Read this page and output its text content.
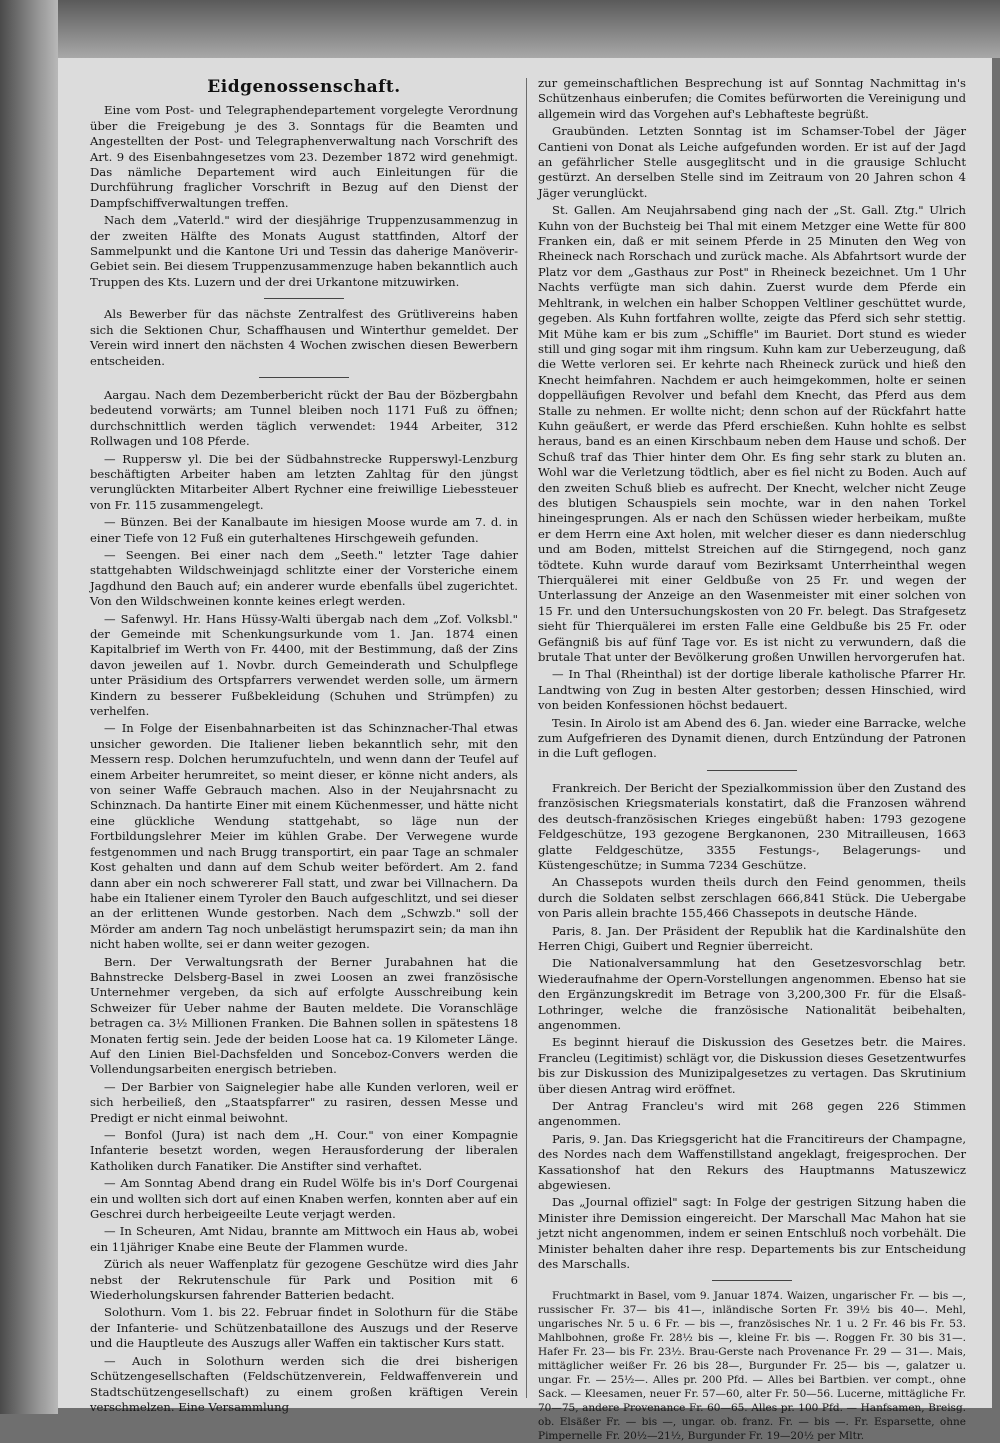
Eidgenossenschaft.

Eine vom Post- und Telegraphendepartement vorgelegte Verordnung über die Freigebung je des 3. Sonntags für die Beamten und Angestellten der Post- und Telegraphenverwaltung nach Vorschrift des Art. 9 des Eisenbahngesetzes vom 23. Dezember 1872 wird genehmigt. Das nämliche Departement wird auch Einleitungen für die Durchführung fraglicher Vorschrift in Bezug auf den Dienst der Dampfschiffverwaltungen treffen.

Nach dem „Vaterld." wird der diesjährige Truppenzusammenzug in der zweiten Hälfte des Monats August stattfinden, Altorf der Sammelpunkt und die Kantone Uri und Tessin das daherige Manöverir-Gebiet sein. Bei diesem Truppenzusammenzuge haben bekanntlich auch Truppen des Kts. Luzern und der drei Urkantone mitzuwirken.

Als Bewerber für das nächste Zentralfest des Grütlivereins haben sich die Sektionen Chur, Schaffhausen und Winterthur gemeldet. Der Verein wird innert den nächsten 4 Wochen zwischen diesen Bewerbern entscheiden.

Aargau. Nach dem Dezemberbericht rückt der Bau der Bözbergbahn bedeutend vorwärts; am Tunnel bleiben noch 1171 Fuß zu öffnen; durchschnittlich werden täglich verwendet: 1944 Arbeiter, 312 Rollwagen und 108 Pferde.

— Ruppersw yl. Die bei der Südbahnstrecke Rupperswyl-Lenzburg beschäftigten Arbeiter haben am letzten Zahltag für den jüngst verunglückten Mitarbeiter Albert Rychner eine freiwillige Liebessteuer von Fr. 115 zusammengelegt.

— Bünzen. Bei der Kanalbaute im hiesigen Moose wurde am 7. d. in einer Tiefe von 12 Fuß ein guterhaltenes Hirschgeweih gefunden.

— Seengen. Bei einer nach dem „Seeth." letzter Tage dahier stattgehabten Wildschweinjagd schlitzte einer der Vorsteriche einem Jagdhund den Bauch auf; ein anderer wurde ebenfalls übel zugerichtet. Von den Wildschweinen konnte keines erlegt werden.

— Safenwyl. Hr. Hans Hüssy-Walti übergab nach dem „Zof. Volksbl." der Gemeinde mit Schenkungsurkunde vom 1. Jan. 1874 einen Kapitalbrief im Werth von Fr. 4400, mit der Bestimmung, daß der Zins davon jeweilen auf 1. Novbr. durch Gemeinderath und Schulpflege unter Präsidium des Ortspfarrers verwendet werden solle, um ärmern Kindern zu besserer Fußbekleidung (Schuhen und Strümpfen) zu verhelfen.

— In Folge der Eisenbahnarbeiten ist das Schinznacher-Thal etwas unsicher geworden. Die Italiener lieben bekanntlich sehr, mit den Messern resp. Dolchen herumzufuchteln, und wenn dann der Teufel auf einem Arbeiter herumreitet, so meint dieser, er könne nicht anders, als von seiner Waffe Gebrauch machen. Also in der Neujahrsnacht zu Schinznach. Da hantirte Einer mit einem Küchenmesser, und hätte nicht eine glückliche Wendung stattgehabt, so läge nun der Fortbildungslehrer Meier im kühlen Grabe. Der Verwegene wurde festgenommen und nach Brugg transportirt, ein paar Tage an schmaler Kost gehalten und dann auf dem Schub weiter befördert. Am 2. fand dann aber ein noch schwererer Fall statt, und zwar bei Villnachern. Da habe ein Italiener einem Tyroler den Bauch aufgeschlitzt, und sei dieser an der erlittenen Wunde gestorben. Nach dem „Schwzb." soll der Mörder am andern Tag noch unbelästigt herumspazirt sein; da man ihn nicht haben wollte, sei er dann weiter gezogen.

Bern. Der Verwaltungsrath der Berner Jurabahnen hat die Bahnstrecke Delsberg-Basel in zwei Loosen an zwei französische Unternehmer vergeben, da sich auf erfolgte Ausschreibung kein Schweizer für Ueber nahme der Bauten meldete. Die Voranschläge betragen ca. 3½ Millionen Franken. Die Bahnen sollen in spätestens 18 Monaten fertig sein. Jede der beiden Loose hat ca. 19 Kilometer Länge. Auf den Linien Biel-Dachsfelden und Sonceboz-Convers werden die Vollendungsarbeiten energisch betrieben.

— Der Barbier von Saignelegier habe alle Kunden verloren, weil er sich herbeiließ, den „Staatspfarrer" zu rasiren, dessen Messe und Predigt er nicht einmal beiwohnt.

— Bonfol (Jura) ist nach dem „H. Cour." von einer Kompagnie Infanterie besetzt worden, wegen Herausforderung der liberalen Katholiken durch Fanatiker. Die Anstifter sind verhaftet.

— Am Sonntag Abend drang ein Rudel Wölfe bis in's Dorf Courgenai ein und wollten sich dort auf einen Knaben werfen, konnten aber auf ein Geschrei durch herbeigeeilte Leute verjagt werden.

— In Scheuren, Amt Nidau, brannte am Mittwoch ein Haus ab, wobei ein 11jähriger Knabe eine Beute der Flammen wurde.

Zürich als neuer Waffenplatz für gezogene Geschütze wird dies Jahr nebst der Rekrutenschule für Park und Position mit 6 Wiederholungskursen fahrender Batterien bedacht.

Solothurn. Vom 1. bis 22. Februar findet in Solothurn für die Stäbe der Infanterie- und Schützenbataillone des Auszugs und der Reserve und die Hauptleute des Auszugs aller Waffen ein taktischer Kurs statt.

— Auch in Solothurn werden sich die drei bisherigen Schützengesellschaften (Feldschützenverein, Feldwaffenverein und Stadtschützengesellschaft) zu einem großen kräftigen Verein verschmelzen. Eine Versammlung

zur gemeinschaftlichen Besprechung ist auf Sonntag Nachmittag in's Schützenhaus einberufen; die Comites befürworten die Vereinigung und allgemein wird das Vorgehen auf's Lebhafteste begrüßt.

Graubünden. Letzten Sonntag ist im Schamser-Tobel der Jäger Cantieni von Donat als Leiche aufgefunden worden. Er ist auf der Jagd an gefährlicher Stelle ausgeglitscht und in die grausige Schlucht gestürzt. An derselben Stelle sind im Zeitraum von 20 Jahren schon 4 Jäger verunglückt.

St. Gallen. Am Neujahrsabend ging nach der „St. Gall. Ztg." Ulrich Kuhn von der Buchsteig bei Thal mit einem Metzger eine Wette für 800 Franken ein, daß er mit seinem Pferde in 25 Minuten den Weg von Rheineck nach Rorschach und zurück mache. Als Abfahrtsort wurde der Platz vor dem „Gasthaus zur Post" in Rheineck bezeichnet. Um 1 Uhr Nachts verfügte man sich dahin. Zuerst wurde dem Pferde ein Mehltrank, in welchen ein halber Schoppen Veltliner geschüttet wurde, gegeben. Als Kuhn fortfahren wollte, zeigte das Pferd sich sehr stettig. Mit Mühe kam er bis zum „Schiffle" im Bauriet. Dort stund es wieder still und ging sogar mit ihm ringsum. Kuhn kam zur Ueberzeugung, daß die Wette verloren sei. Er kehrte nach Rheineck zurück und hieß den Knecht heimfahren. Nachdem er auch heimgekommen, holte er seinen doppelläufigen Revolver und befahl dem Knecht, das Pferd aus dem Stalle zu nehmen. Er wollte nicht; denn schon auf der Rückfahrt hatte Kuhn geäußert, er werde das Pferd erschießen. Kuhn hohlte es selbst heraus, band es an einen Kirschbaum neben dem Hause und schoß. Der Schuß traf das Thier hinter dem Ohr. Es fing sehr stark zu bluten an. Wohl war die Verletzung tödtlich, aber es fiel nicht zu Boden. Auch auf den zweiten Schuß blieb es aufrecht. Der Knecht, welcher nicht Zeuge des blutigen Schauspiels sein mochte, war in den nahen Torkel hineingesprungen. Als er nach den Schüssen wieder herbeikam, mußte er dem Herrn eine Axt holen, mit welcher dieser es dann niederschlug und am Boden, mittelst Streichen auf die Stirngegend, noch ganz tödtete. Kuhn wurde darauf vom Bezirksamt Unterrheinthal wegen Thierquälerei mit einer Geldbuße von 25 Fr. und wegen der Unterlassung der Anzeige an den Wasenmeister mit einer solchen von 15 Fr. und den Untersuchungskosten von 20 Fr. belegt. Das Strafgesetz sieht für Thierquälerei im ersten Falle eine Geldbuße bis 25 Fr. oder Gefängniß bis auf fünf Tage vor. Es ist nicht zu verwundern, daß die brutale That unter der Bevölkerung großen Unwillen hervorgerufen hat.

— In Thal (Rheinthal) ist der dortige liberale katholische Pfarrer Hr. Landtwing von Zug in besten Alter gestorben; dessen Hinschied, wird von beiden Konfessionen höchst bedauert.

Tesin. In Airolo ist am Abend des 6. Jan. wieder eine Barracke, welche zum Aufgefrieren des Dynamit dienen, durch Entzündung der Patronen in die Luft geflogen.

Frankreich. Der Bericht der Spezialkommission über den Zustand des französischen Kriegsmaterials konstatirt, daß die Franzosen während des deutsch-französischen Krieges eingebüßt haben: 1793 gezogene Feldgeschütze, 193 gezogene Bergkanonen, 230 Mitrailleusen, 1663 glatte Feldgeschütze, 3355 Festungs-, Belagerungs- und Küstengeschütze; in Summa 7234 Geschütze.

An Chassepots wurden theils durch den Feind genommen, theils durch die Soldaten selbst zerschlagen 666,841 Stück. Die Uebergabe von Paris allein brachte 155,466 Chassepots in deutsche Hände.

Paris, 8. Jan. Der Präsident der Republik hat die Kardinalshüte den Herren Chigi, Guibert und Regnier überreicht.

Die Nationalversammlung hat den Gesetzesvorschlag betr. Wiederaufnahme der Opern-Vorstellungen angenommen. Ebenso hat sie den Ergänzungskredit im Betrage von 3,200,300 Fr. für die Elsaß-Lothringer, welche die französische Nationalität beibehalten, angenommen.

Es beginnt hierauf die Diskussion des Gesetzes betr. die Maires. Francleu (Legitimist) schlägt vor, die Diskussion dieses Gesetzentwurfes bis zur Diskussion des Munizipalgesetzes zu vertagen. Das Skrutinium über diesen Antrag wird eröffnet.

Der Antrag Francleu's wird mit 268 gegen 226 Stimmen angenommen.

Paris, 9. Jan. Das Kriegsgericht hat die Francitireurs der Champagne, des Nordes nach dem Waffenstillstand angeklagt, freigesprochen. Der Kassationshof hat den Rekurs des Hauptmanns Matuszewicz abgewiesen.

Das „Journal offiziel" sagt: In Folge der gestrigen Sitzung haben die Minister ihre Demission eingereicht. Der Marschall Mac Mahon hat sie jetzt nicht angenommen, indem er seinen Entschluß noch vorbehält. Die Minister behalten daher ihre resp. Departements bis zur Entscheidung des Marschalls.

Fruchtmarkt in Basel, vom 9. Januar 1874. Waizen, ungarischer Fr. — bis —, russischer Fr. 37— bis 41—, inländische Sorten Fr. 39½ bis 40—. Mehl, ungarisches Nr. 5 u. 6 Fr. — bis —, französisches Nr. 1 u. 2 Fr. 46 bis Fr. 53. Mahlbohnen, große Fr. 28½ bis —, kleine Fr. bis —. Roggen Fr. 30 bis 31—. Hafer Fr. 23— bis Fr. 23½. Brau-Gerste nach Provenance Fr. 29 — 31—. Mais, mittäglicher weißer Fr. 26 bis 28—, Burgunder Fr. 25— bis —, galatzer u. ungar. Fr. — 25½—. Alles pr. 200 Pfd. — Alles bei Bartbien. ver compt., ohne Sack. — Kleesamen, neuer Fr. 57—60, alter Fr. 50—56. Lucerne, mittägliche Fr. 70—75, andere Provenance Fr. 60—65. Alles pr. 100 Pfd. — Hanfsamen, Breisg. ob. Elsäßer Fr. — bis —, ungar. ob. franz. Fr. — bis —. Fr. Esparsette, ohne Pimpernelle Fr. 20½—21½, Burgunder Fr. 19—20½ per Mltr.
